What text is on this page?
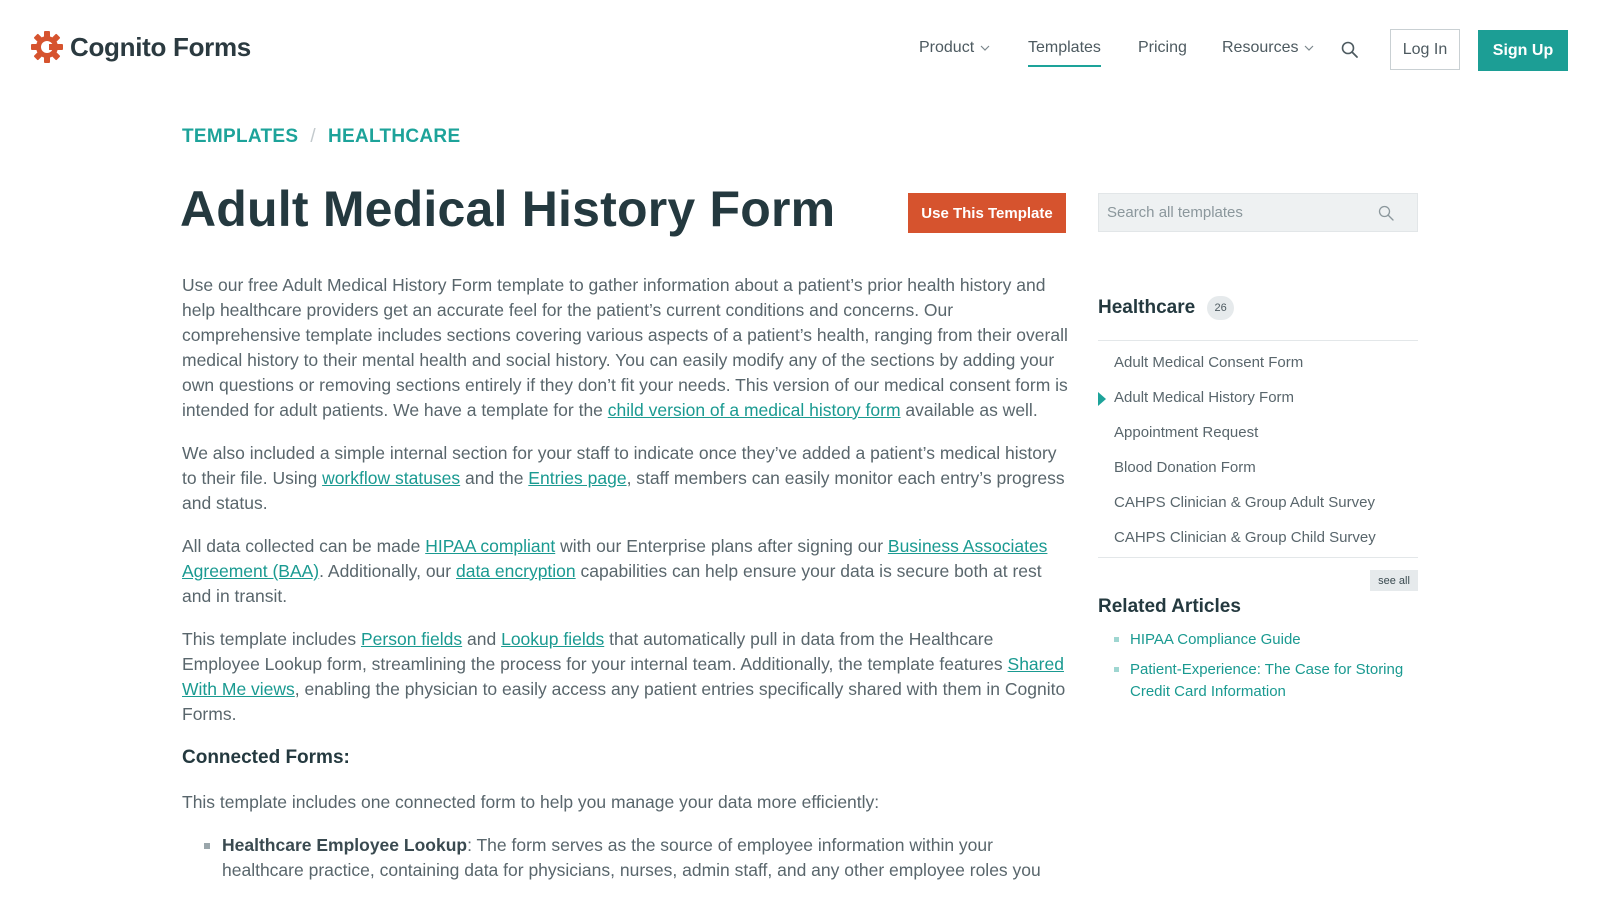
Cognito Forms	Product	Templates Pricing Resources	Log In	Sign Up
TEMPLATES / HEALTHCARE
Adult Medical History Form	Use This Template

Use our free Adult Medical History Form template to gather information about a patient’s prior health history and help healthcare providers get an accurate feel for the patient’s current conditions and concerns. Our comprehensive template includes sections covering various aspects of a patient’s health, ranging from their overall medical history to their mental health and social history. You can easily modify any of the sections by adding your own questions or removing sections entirely if they don’t fit your needs. This version of our medical consent form is intended for adult patients. We have a template for the child version of a medical history form available as well.

We also included a simple internal section for your staff to indicate once they’ve added a patient’s medical history to their file. Using workflow statuses and the Entries page, staff members can easily monitor each entry’s progress and status.

All data collected can be made HIPAA compliant with our Enterprise plans after signing our Business Associates Agreement (BAA). Additionally, our data encryption capabilities can help ensure your data is secure both at rest and in transit.

This template includes Person fields and Lookup fields that automatically pull in data from the Healthcare Employee Lookup form, streamlining the process for your internal team. Additionally, the template features Shared With Me views, enabling the physician to easily access any patient entries specifically shared with them in Cognito Forms.

Connected Forms:

This template includes one connected form to help you manage your data more efficiently:

Healthcare Employee Lookup: The form serves as the source of employee information within your healthcare practice, containing data for physicians, nurses, admin staff, and any other employee roles you
Search all templates
Healthcare	26
Adult Medical Consent Form
Adult Medical History Form
Appointment Request
Blood Donation Form
CAHPS Clinician & Group Adult Survey
CAHPS Clinician & Group Child Survey
see all
Related Articles
HIPAA Compliance Guide
Patient-Experience: The Case for Storing Credit Card Information
